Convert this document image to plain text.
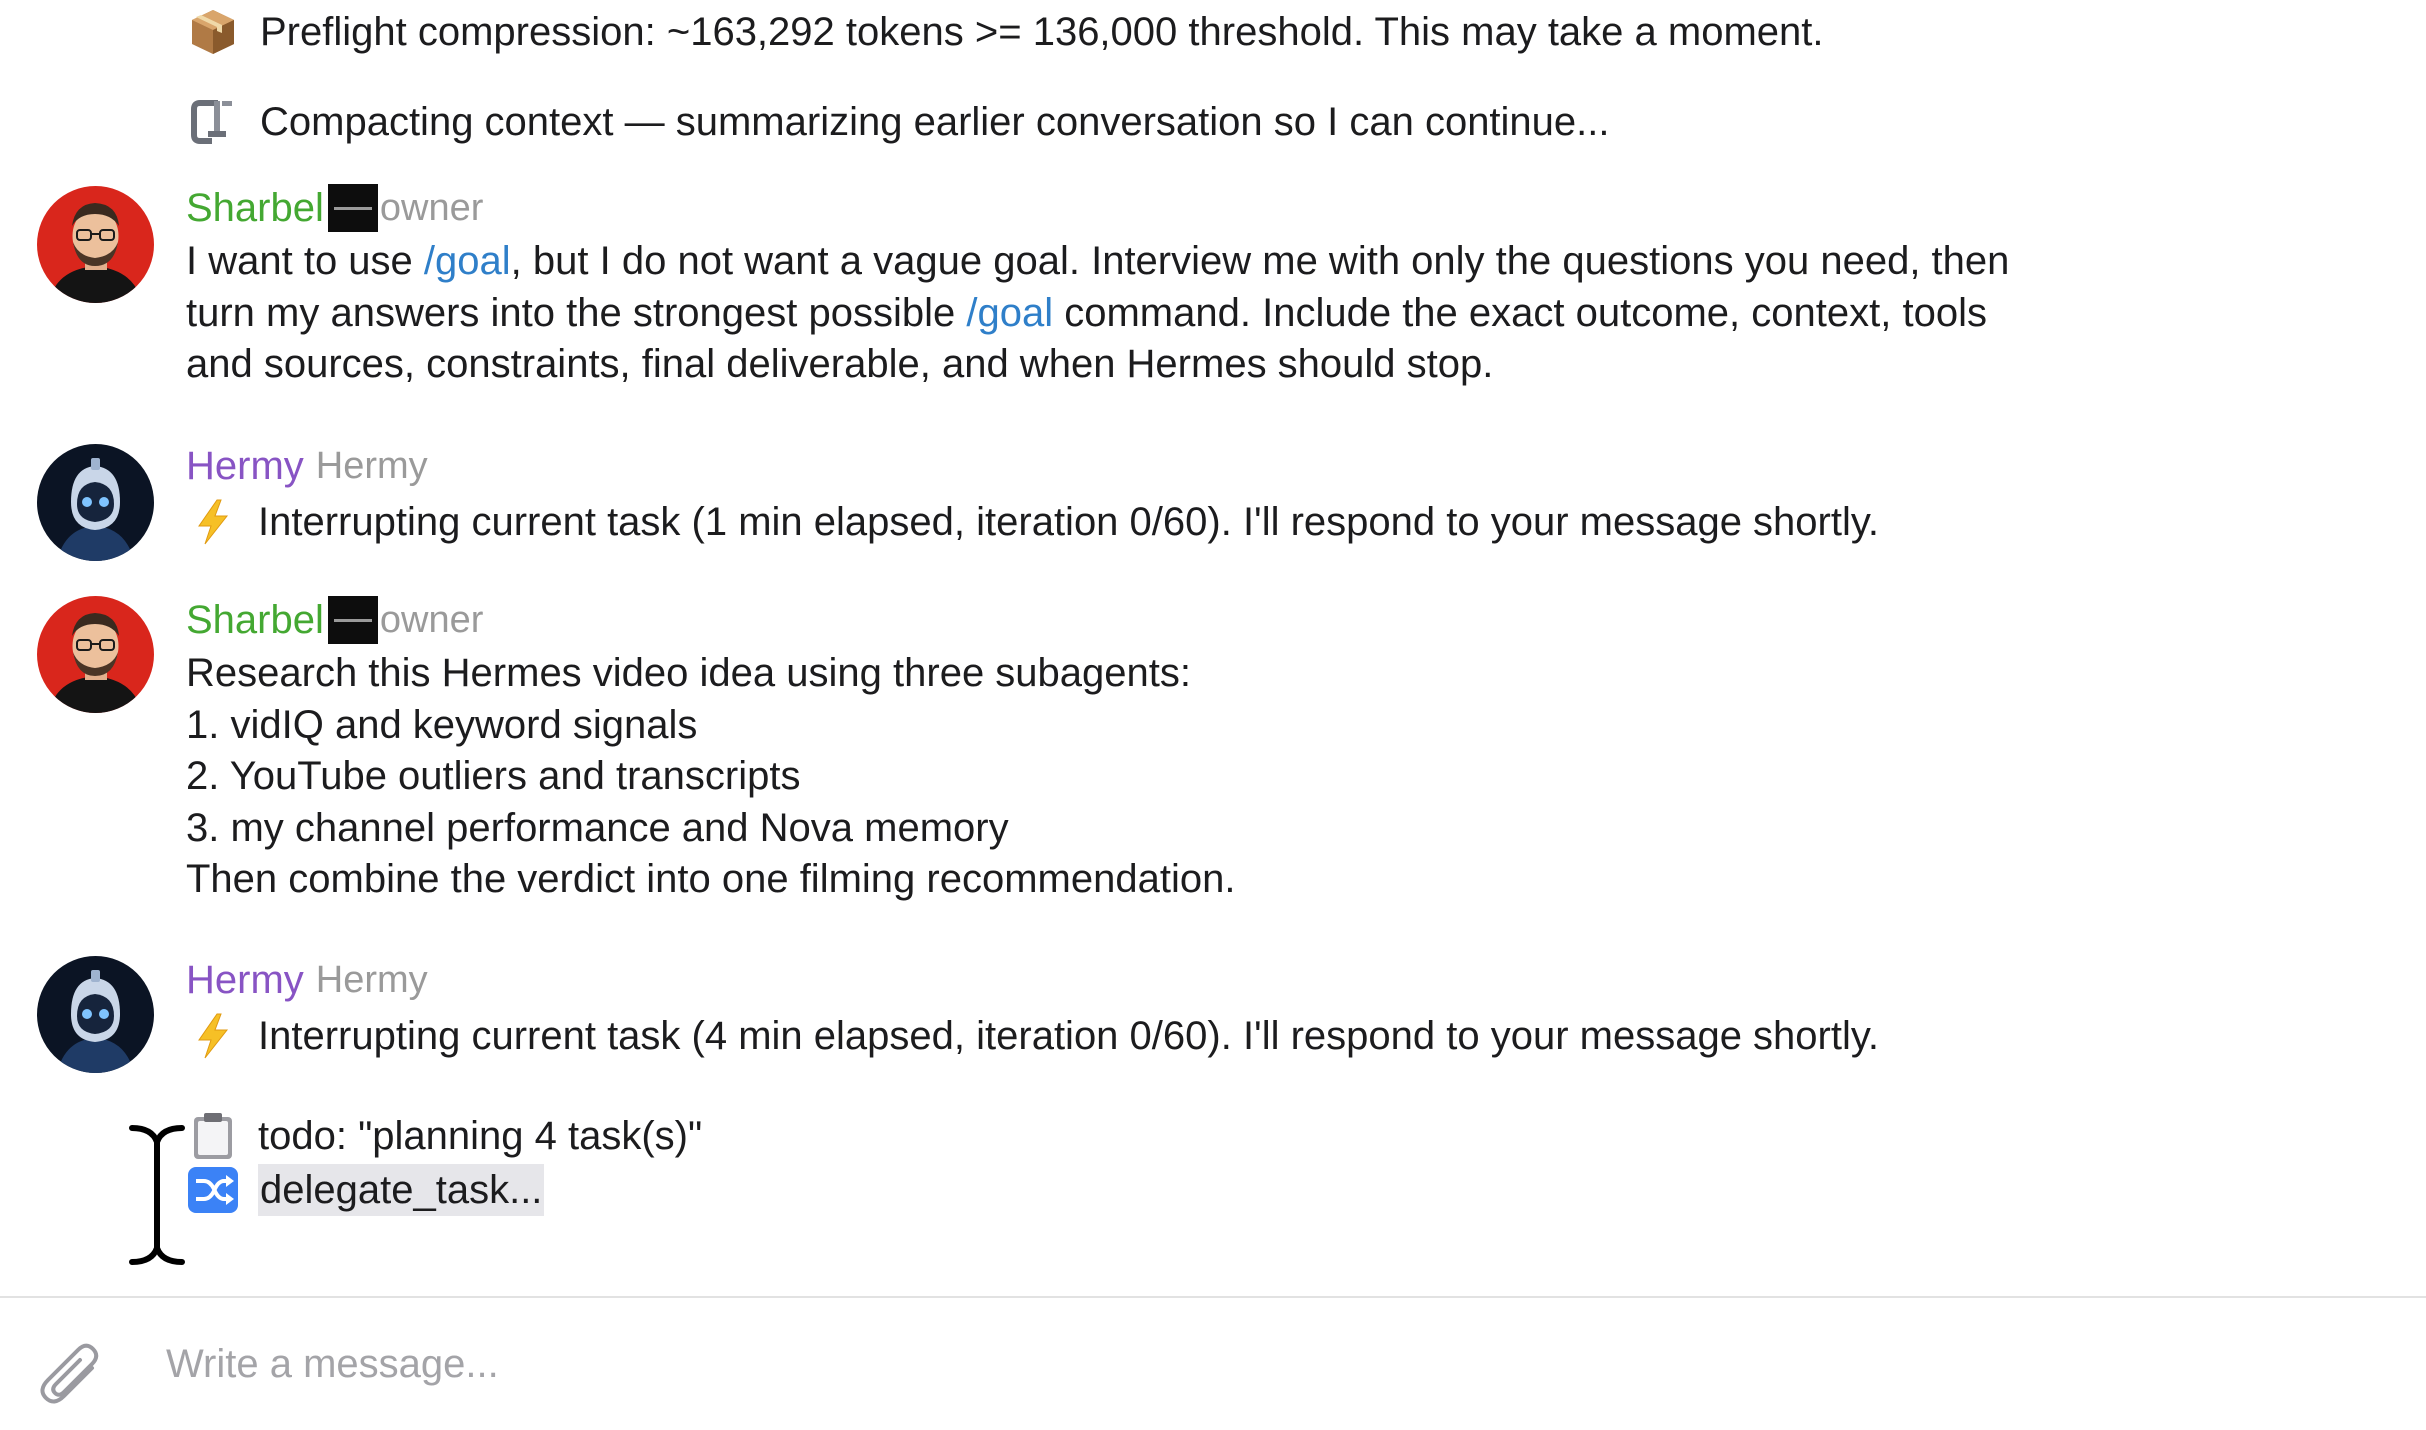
Preflight compression: ~163,292 tokens >= 136,000 threshold. This may take a moment.
Compacting context — summarizing earlier conversation so I can continue...
Sharbel owner
I want to use /goal, but I do not want a vague goal. Interview me with only the questions you need, then
turn my answers into the strongest possible /goal command. Include the exact outcome, context, tools
and sources, constraints, final deliverable, and when Hermes should stop.
Hermy Hermy
Interrupting current task (1 min elapsed, iteration 0/60). I'll respond to your message shortly.
Sharbel owner
Research this Hermes video idea using three subagents:
1. vidIQ and keyword signals
2. YouTube outliers and transcripts
3. my channel performance and Nova memory
Then combine the verdict into one filming recommendation.
Hermy Hermy
Interrupting current task (4 min elapsed, iteration 0/60). I'll respond to your message shortly.
todo: "planning 4 task(s)"
delegate_task...
Write a message...
